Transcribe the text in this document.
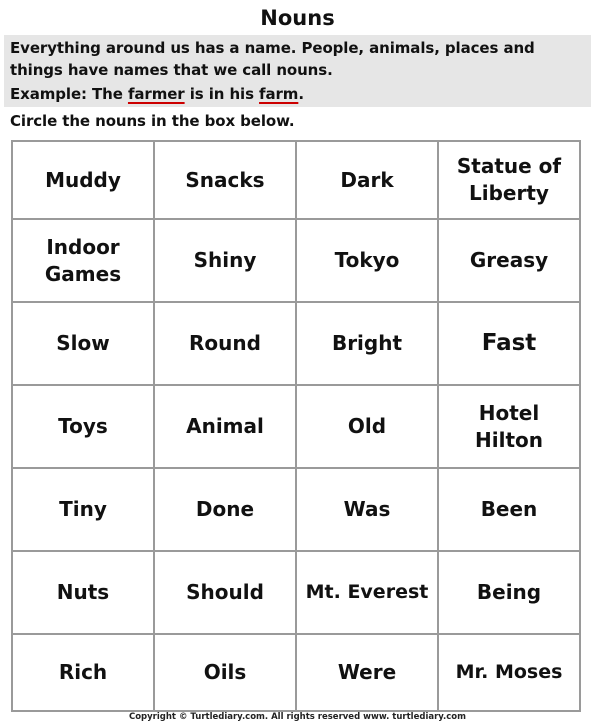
Nouns
Everything around us has a name. People, animals, places and things have names that we call nouns.
Example: The farmer is in his farm.
Circle the nouns in the box below.
Muddy	Snacks	Dark	Statue of Liberty
Indoor Games	Shiny	Tokyo	Greasy
Slow	Round	Bright	Fast
Toys	Animal	Old	Hotel Hilton
Tiny	Done	Was	Been
Nuts	Should	Mt. Everest	Being
Rich	Oils	Were	Mr. Moses
Copyright © Turtlediary.com. All rights reserved www. turtlediary.com
